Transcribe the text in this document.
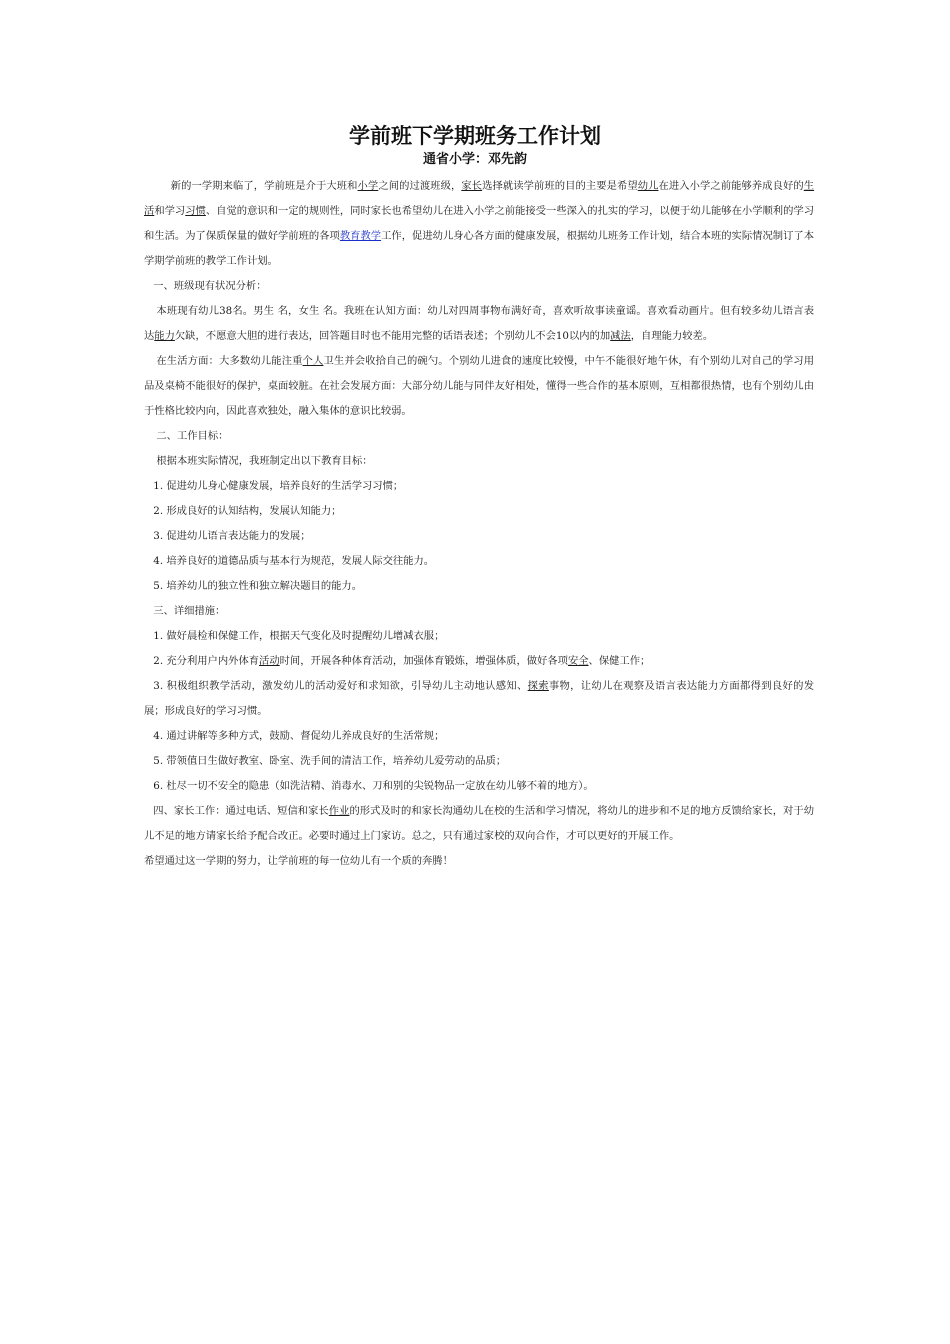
学前班下学期班务工作计划
通省小学：邓先韵

新的一学期来临了，学前班是介于大班和小学之间的过渡班级，家长选择就读学前班的目的主要是希望幼儿在进入小学之前能够养成良好的生活和学习习惯、自觉的意识和一定的规则性，同时家长也希望幼儿在进入小学之前能接受一些深入的扎实的学习，以便于幼儿能够在小学顺利的学习和生活。为了保质保量的做好学前班的各项教育教学工作，促进幼儿身心各方面的健康发展，根据幼儿班务工作计划，结合本班的实际情况制订了本学期学前班的教学工作计划。

一、班级现有状况分析：

本班现有幼儿38名。男生 名，女生 名。我班在认知方面：幼儿对四周事物布满好奇，喜欢听故事读童谣。喜欢看动画片。但有较多幼儿语言表达能力欠缺，不愿意大胆的进行表达，回答题目时也不能用完整的话语表述；个别幼儿不会10以内的加减法，自理能力较差。

在生活方面：大多数幼儿能注重个人卫生并会收拾自己的碗勺。个别幼儿进食的速度比较慢，中午不能很好地午休，有个别幼儿对自己的学习用品及桌椅不能很好的保护，桌面较脏。在社会发展方面：大部分幼儿能与同伴友好相处，懂得一些合作的基本原则，互相都很热情，也有个别幼儿由于性格比较内向，因此喜欢独处，融入集体的意识比较弱。

二、工作目标：

根据本班实际情况，我班制定出以下教育目标：

1. 促进幼儿身心健康发展，培养良好的生活学习习惯；

2. 形成良好的认知结构，发展认知能力；

3. 促进幼儿语言表达能力的发展；

4. 培养良好的道德品质与基本行为规范，发展人际交往能力。

5. 培养幼儿的独立性和独立解决题目的能力。

三、详细措施：

1. 做好晨检和保健工作，根据天气变化及时提醒幼儿增减衣服；

2. 充分利用户内外体育活动时间，开展各种体育活动，加强体育锻炼，增强体质，做好各项安全、保健工作；

3. 积极组织教学活动，激发幼儿的活动爱好和求知欲，引导幼儿主动地认感知、探索事物，让幼儿在观察及语言表达能力方面都得到良好的发展；形成良好的学习习惯。

4. 通过讲解等多种方式，鼓励、督促幼儿养成良好的生活常规；

5. 带领值日生做好教室、卧室、洗手间的清洁工作，培养幼儿爱劳动的品质；

6. 杜尽一切不安全的隐患（如洗洁精、消毒水、刀和别的尖锐物品一定放在幼儿够不着的地方）。

四、家长工作：通过电话、短信和家长作业的形式及时的和家长沟通幼儿在校的生活和学习情况，将幼儿的进步和不足的地方反馈给家长，对于幼儿不足的地方请家长给予配合改正。必要时通过上门家访。总之，只有通过家校的双向合作，才可以更好的开展工作。

希望通过这一学期的努力，让学前班的每一位幼儿有一个质的奔腾！
